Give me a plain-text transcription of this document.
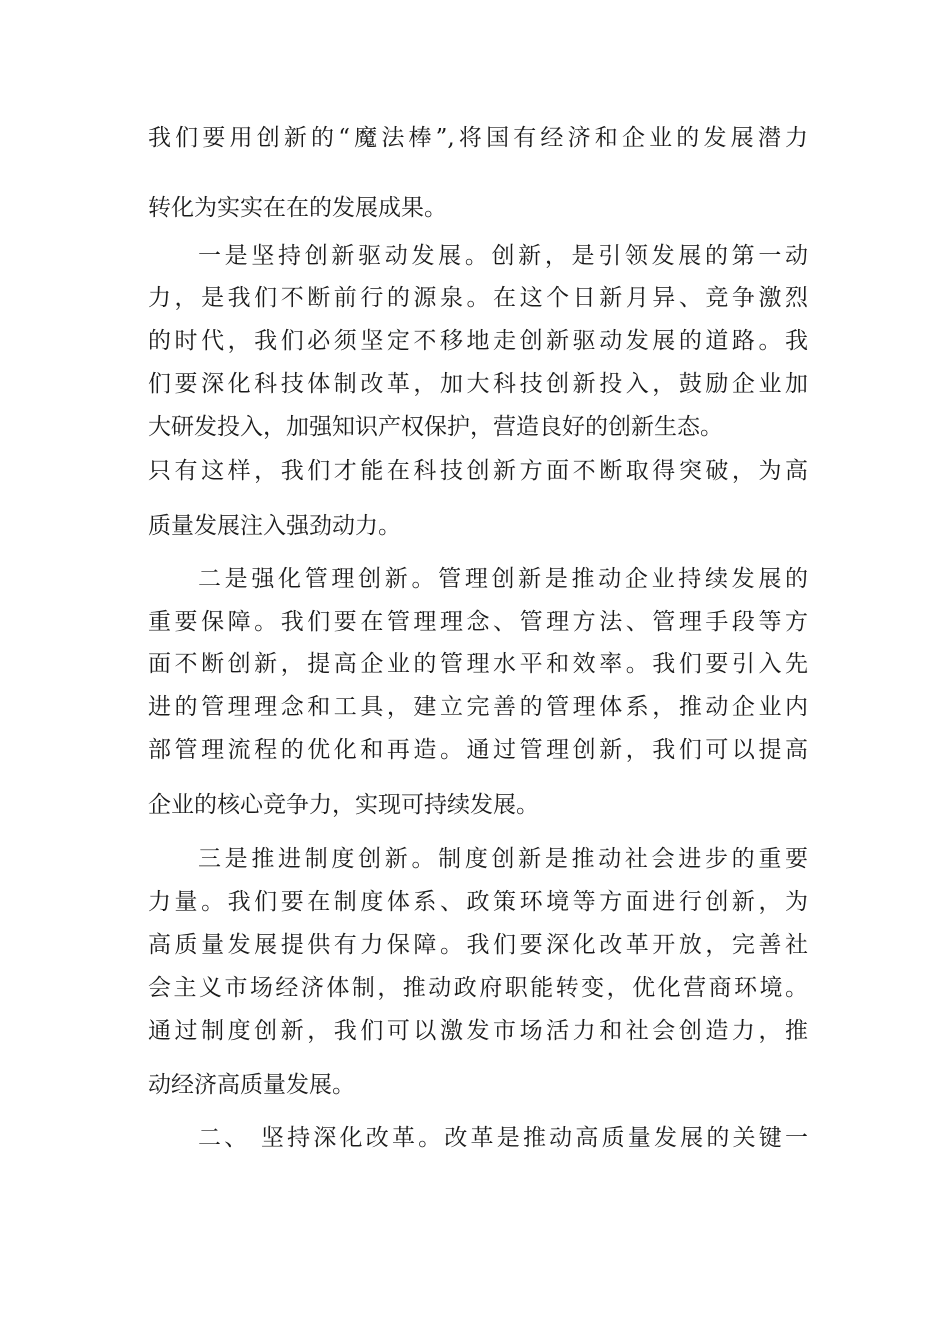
我们要用创新的“魔法棒”,将国有经济和企业的发展潜力
转化为实实在在的发展成果。
一是坚持创新驱动发展。创新，是引领发展的第一动
力，是我们不断前行的源泉。在这个日新月异、竞争激烈
的时代，我们必须坚定不移地走创新驱动发展的道路。我
们要深化科技体制改革，加大科技创新投入，鼓励企业加
大研发投入，加强知识产权保护，营造良好的创新生态。
只有这样，我们才能在科技创新方面不断取得突破，为高
质量发展注入强劲动力。
二是强化管理创新。管理创新是推动企业持续发展的
重要保障。我们要在管理理念、管理方法、管理手段等方
面不断创新，提高企业的管理水平和效率。我们要引入先
进的管理理念和工具，建立完善的管理体系，推动企业内
部管理流程的优化和再造。通过管理创新，我们可以提高
企业的核心竞争力，实现可持续发展。
三是推进制度创新。制度创新是推动社会进步的重要
力量。我们要在制度体系、政策环境等方面进行创新，为
高质量发展提供有力保障。我们要深化改革开放，完善社
会主义市场经济体制，推动政府职能转变，优化营商环境。
通过制度创新，我们可以激发市场活力和社会创造力，推
动经济高质量发展。
二、 坚持深化改革。改革是推动高质量发展的关键一
